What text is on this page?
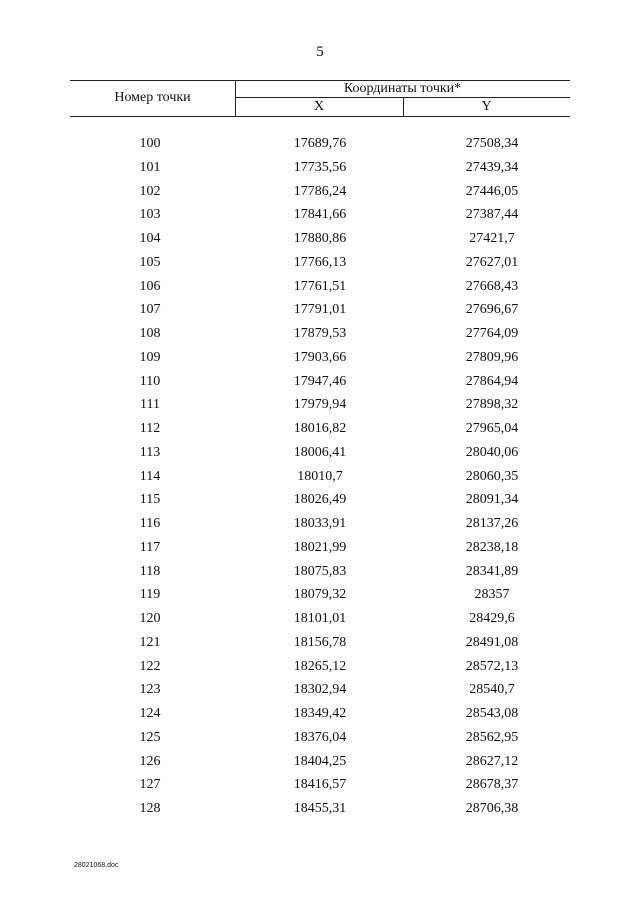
5
Номер точки
Координаты точки*
X	Y
100	17689,76	27508,34
101	17735,56	27439,34
102	17786,24	27446,05
103	17841,66	27387,44
104	17880,86	27421,7
105	17766,13	27627,01
106	17761,51	27668,43
107	17791,01	27696,67
108	17879,53	27764,09
109	17903,66	27809,96
110	17947,46	27864,94
111	17979,94	27898,32
112	18016,82	27965,04
113	18006,41	28040,06
114	18010,7	28060,35
115	18026,49	28091,34
116	18033,91	28137,26
117	18021,99	28238,18
118	18075,83	28341,89
119	18079,32	28357
120	18101,01	28429,6
121	18156,78	28491,08
122	18265,12	28572,13
123	18302,94	28540,7
124	18349,42	28543,08
125	18376,04	28562,95
126	18404,25	28627,12
127	18416,57	28678,37
128	18455,31	28706,38
28021068.doc
